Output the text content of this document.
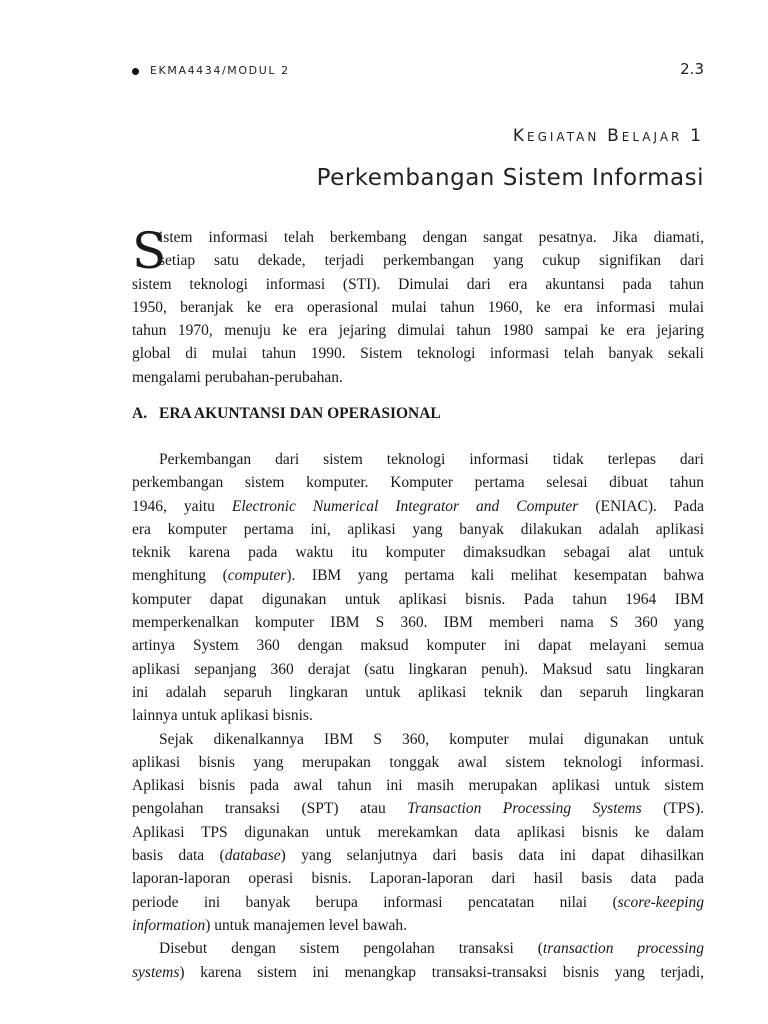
EKMA4434/MODUL 2	2.3
KEGIATAN BELAJAR 1
Perkembangan Sistem Informasi
S
istem informasi telah berkembang dengan sangat pesatnya. Jika diamati,
setiap satu dekade, terjadi perkembangan yang cukup signifikan dari
sistem teknologi informasi (STI). Dimulai dari era akuntansi pada tahun
1950, beranjak ke era operasional mulai tahun 1960, ke era informasi mulai
tahun 1970, menuju ke era jejaring dimulai tahun 1980 sampai ke era jejaring
global di mulai tahun 1990. Sistem teknologi informasi telah banyak sekali
mengalami perubahan-perubahan.
A. ERA AKUNTANSI DAN OPERASIONAL
Perkembangan dari sistem teknologi informasi tidak terlepas dari
perkembangan sistem komputer. Komputer pertama selesai dibuat tahun
1946, yaitu Electronic Numerical Integrator and Computer (ENIAC). Pada
era komputer pertama ini, aplikasi yang banyak dilakukan adalah aplikasi
teknik karena pada waktu itu komputer dimaksudkan sebagai alat untuk
menghitung (computer). IBM yang pertama kali melihat kesempatan bahwa
komputer dapat digunakan untuk aplikasi bisnis. Pada tahun 1964 IBM
memperkenalkan komputer IBM S 360. IBM memberi nama S 360 yang
artinya System 360 dengan maksud komputer ini dapat melayani semua
aplikasi sepanjang 360 derajat (satu lingkaran penuh). Maksud satu lingkaran
ini adalah separuh lingkaran untuk aplikasi teknik dan separuh lingkaran
lainnya untuk aplikasi bisnis.
Sejak dikenalkannya IBM S 360, komputer mulai digunakan untuk
aplikasi bisnis yang merupakan tonggak awal sistem teknologi informasi.
Aplikasi bisnis pada awal tahun ini masih merupakan aplikasi untuk sistem
pengolahan transaksi (SPT) atau Transaction Processing Systems (TPS).
Aplikasi TPS digunakan untuk merekamkan data aplikasi bisnis ke dalam
basis data (database) yang selanjutnya dari basis data ini dapat dihasilkan
laporan-laporan operasi bisnis. Laporan-laporan dari hasil basis data pada
periode ini banyak berupa informasi pencatatan nilai (score-keeping
information) untuk manajemen level bawah.
Disebut dengan sistem pengolahan transaksi (transaction processing
systems) karena sistem ini menangkap transaksi-transaksi bisnis yang terjadi,
